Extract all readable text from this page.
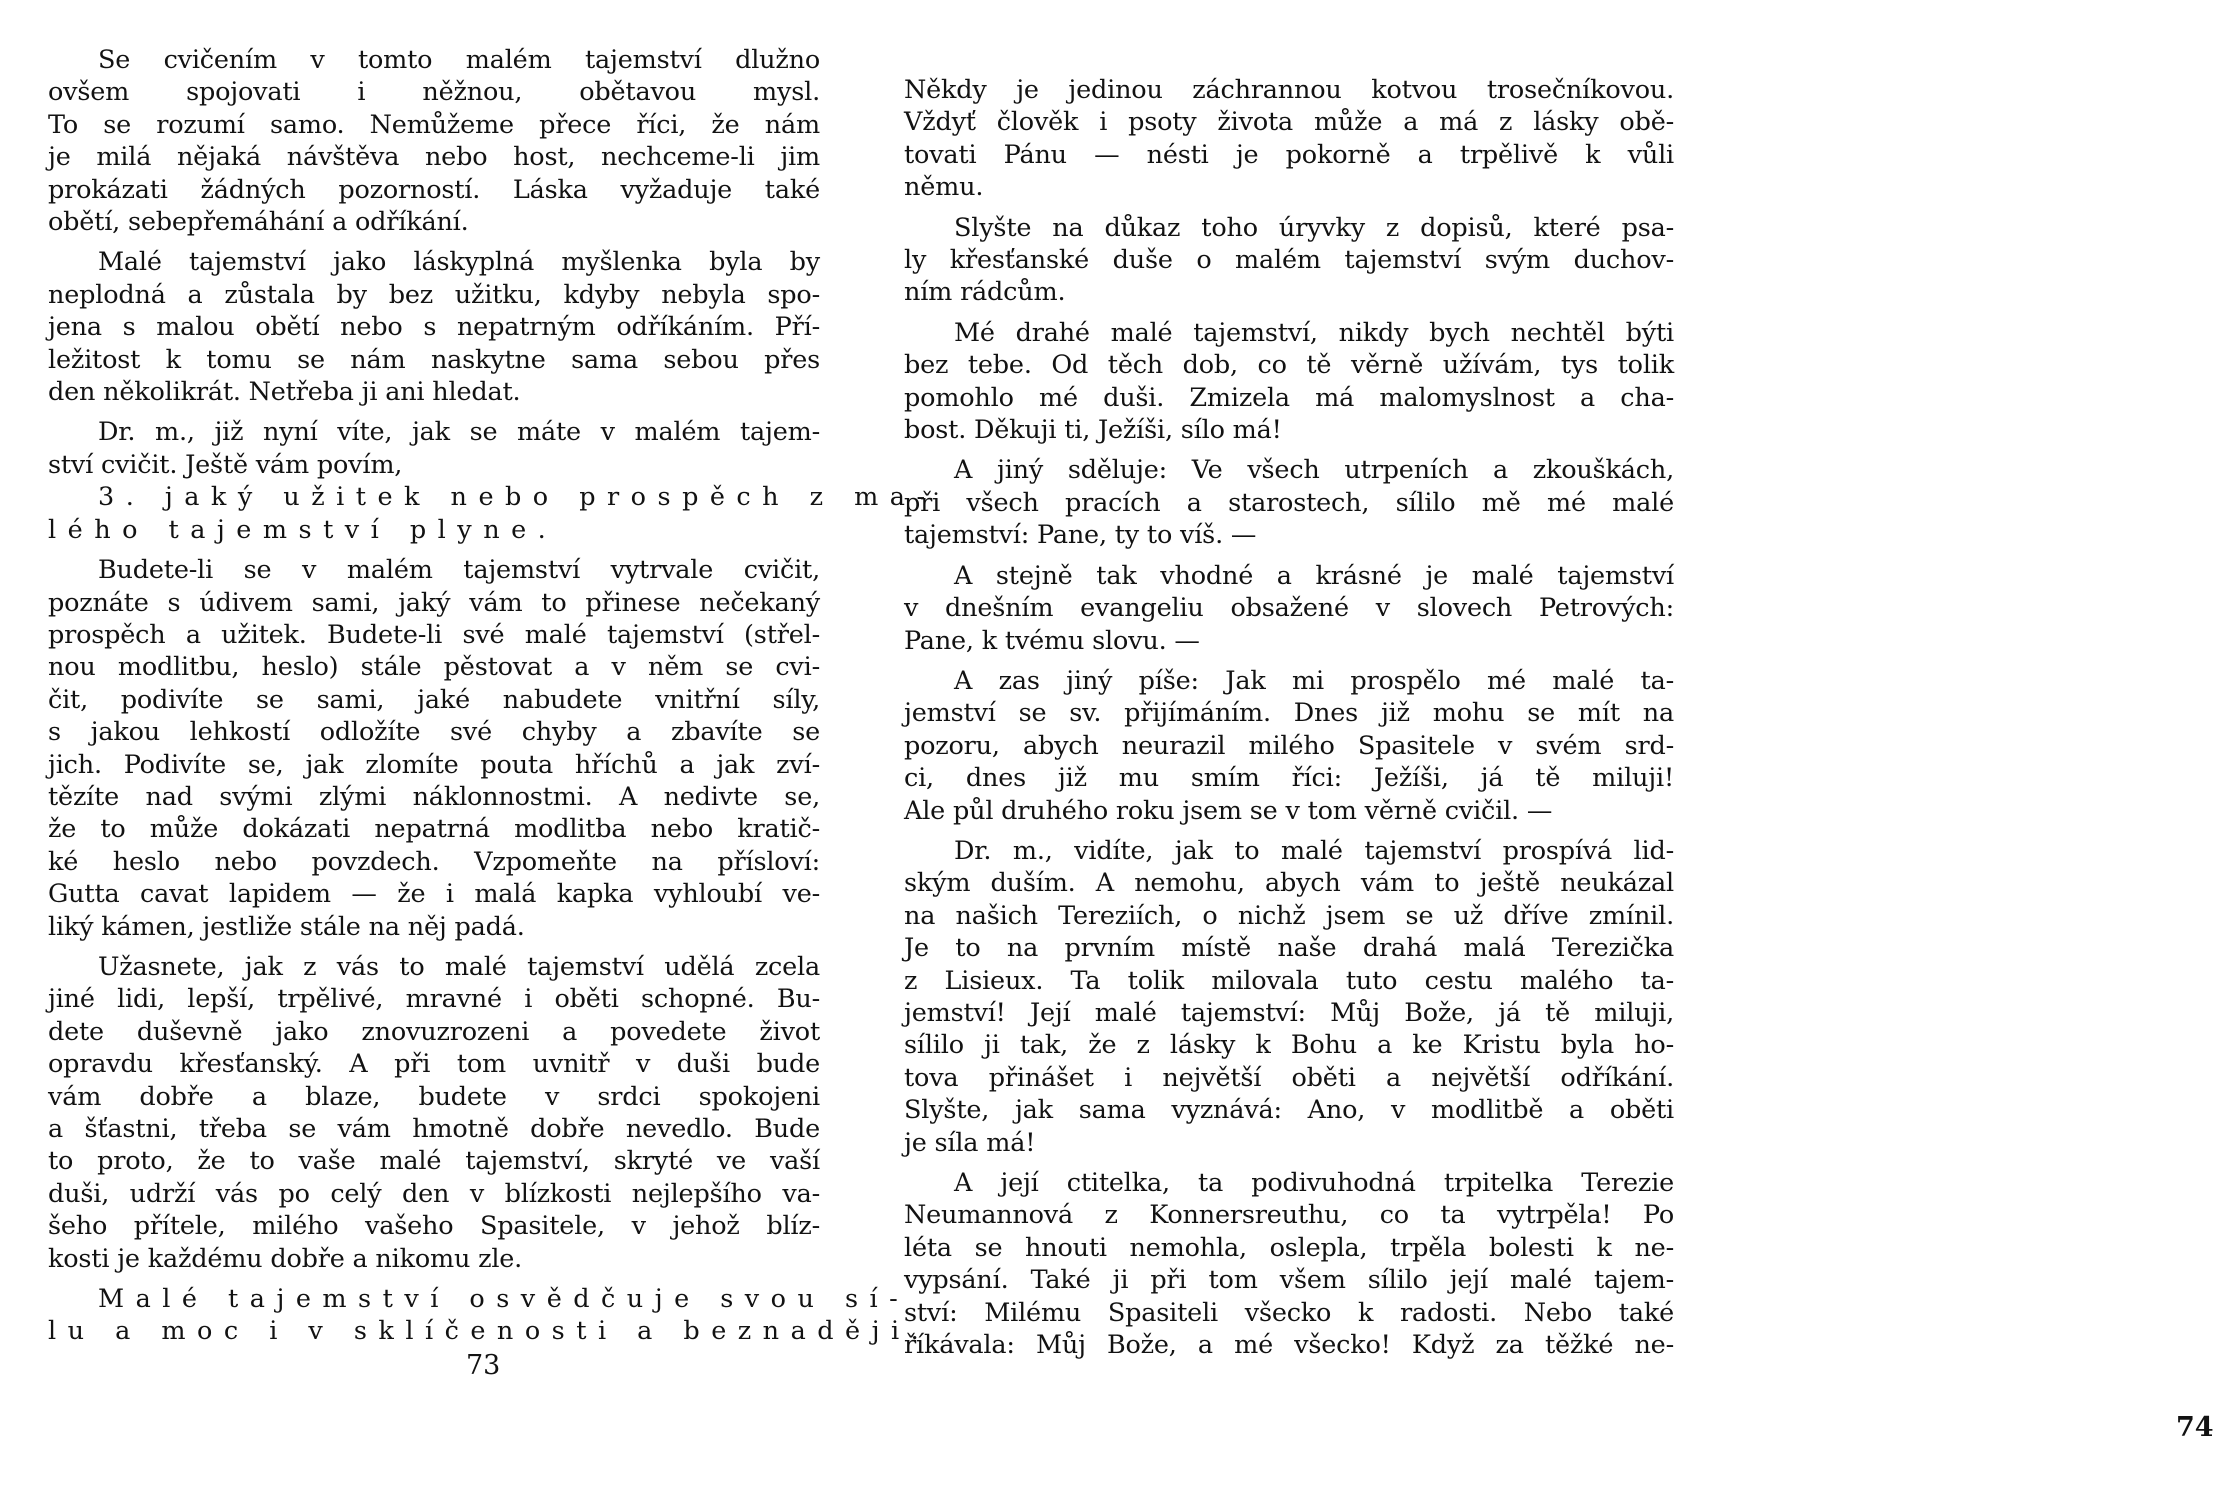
Se cvičením v tomto malém tajemství dlužno
ovšem spojovati i něžnou, obětavou mysl.
To se rozumí samo. Nemůžeme přece říci, že nám
je milá nějaká návštěva nebo host, nechceme-li jim
prokázati žádných pozorností. Láska vyžaduje také
obětí, sebepřemáhání a odříkání.
Malé tajemství jako láskyplná myšlenka byla by
neplodná a zůstala by bez užitku, kdyby nebyla spo-
jena s malou obětí nebo s nepatrným odříkáním. Pří-
ležitost k tomu se nám naskytne sama sebou přes
den několikrát. Netřeba ji ani hledat.
Dr. m., již nyní víte, jak se máte v malém tajem-
ství cvičit. Ještě vám povím,
3. jaký užitek nebo prospěch z ma-
lého tajemství plyne.
Budete-li se v malém tajemství vytrvale cvičit,
poznáte s údivem sami, jaký vám to přinese nečekaný
prospěch a užitek. Budete-li své malé tajemství (střel-
nou modlitbu, heslo) stále pěstovat a v něm se cvi-
čit, podivíte se sami, jaké nabudete vnitřní síly,
s jakou lehkostí odložíte své chyby a zbavíte se
jich. Podivíte se, jak zlomíte pouta hříchů a jak zví-
tězíte nad svými zlými náklonnostmi. A nedivte se,
že to může dokázati nepatrná modlitba nebo kratič-
ké heslo nebo povzdech. Vzpomeňte na přísloví:
Gutta cavat lapidem — že i malá kapka vyhloubí ve-
liký kámen, jestliže stále na něj padá.
Užasnete, jak z vás to malé tajemství udělá zcela
jiné lidi, lepší, trpělivé, mravné i oběti schopné. Bu-
dete duševně jako znovuzrozeni a povedete život
opravdu křesťanský. A při tom uvnitř v duši bude
vám dobře a blaze, budete v srdci spokojeni
a šťastni, třeba se vám hmotně dobře nevedlo. Bude
to proto, že to vaše malé tajemství, skryté ve vaší
duši, udrží vás po celý den v blízkosti nejlepšího va-
šeho přítele, milého vašeho Spasitele, v jehož blíz-
kosti je každému dobře a nikomu zle.
Malé tajemství osvědčuje svou sí-
lu a moc i v sklíčenosti a beznaději.
73
Někdy je jedinou záchrannou kotvou trosečníkovou.
Vždyť člověk i psoty života může a má z lásky obě-
tovati Pánu — nésti je pokorně a trpělivě k vůli
němu.
Slyšte na důkaz toho úryvky z dopisů, které psa-
ly křesťanské duše o malém tajemství svým duchov-
ním rádcům.
Mé drahé malé tajemství, nikdy bych nechtěl býti
bez tebe. Od těch dob, co tě věrně užívám, tys tolik
pomohlo mé duši. Zmizela má malomyslnost a cha-
bost. Děkuji ti, Ježíši, sílo má!
A jiný sděluje: Ve všech utrpeních a zkouškách,
při všech pracích a starostech, sílilo mě mé malé
tajemství: Pane, ty to víš. —
A stejně tak vhodné a krásné je malé tajemství
v dnešním evangeliu obsažené v slovech Petrových:
Pane, k tvému slovu. —
A zas jiný píše: Jak mi prospělo mé malé ta-
jemství se sv. přijímáním. Dnes již mohu se mít na
pozoru, abych neurazil milého Spasitele v svém srd-
ci, dnes již mu smím říci: Ježíši, já tě miluji!
Ale půl druhého roku jsem se v tom věrně cvičil. —
Dr. m., vidíte, jak to malé tajemství prospívá lid-
ským duším. A nemohu, abych vám to ještě neukázal
na našich Tereziích, o nichž jsem se už dříve zmínil.
Je to na prvním místě naše drahá malá Terezička
z Lisieux. Ta tolik milovala tuto cestu malého ta-
jemství! Její malé tajemství: Můj Bože, já tě miluji,
sílilo ji tak, že z lásky k Bohu a ke Kristu byla ho-
tova přinášet i největší oběti a největší odříkání.
Slyšte, jak sama vyznává: Ano, v modlitbě a oběti
je síla má!
A její ctitelka, ta podivuhodná trpitelka Terezie
Neumannová z Konnersreuthu, co ta vytrpěla! Po
léta se hnouti nemohla, oslepla, trpěla bolesti k ne-
vypsání. Také ji při tom všem sílilo její malé tajem-
ství: Milému Spasiteli všecko k radosti. Nebo také
říkávala: Můj Bože, a mé všecko! Když za těžké ne-
74
